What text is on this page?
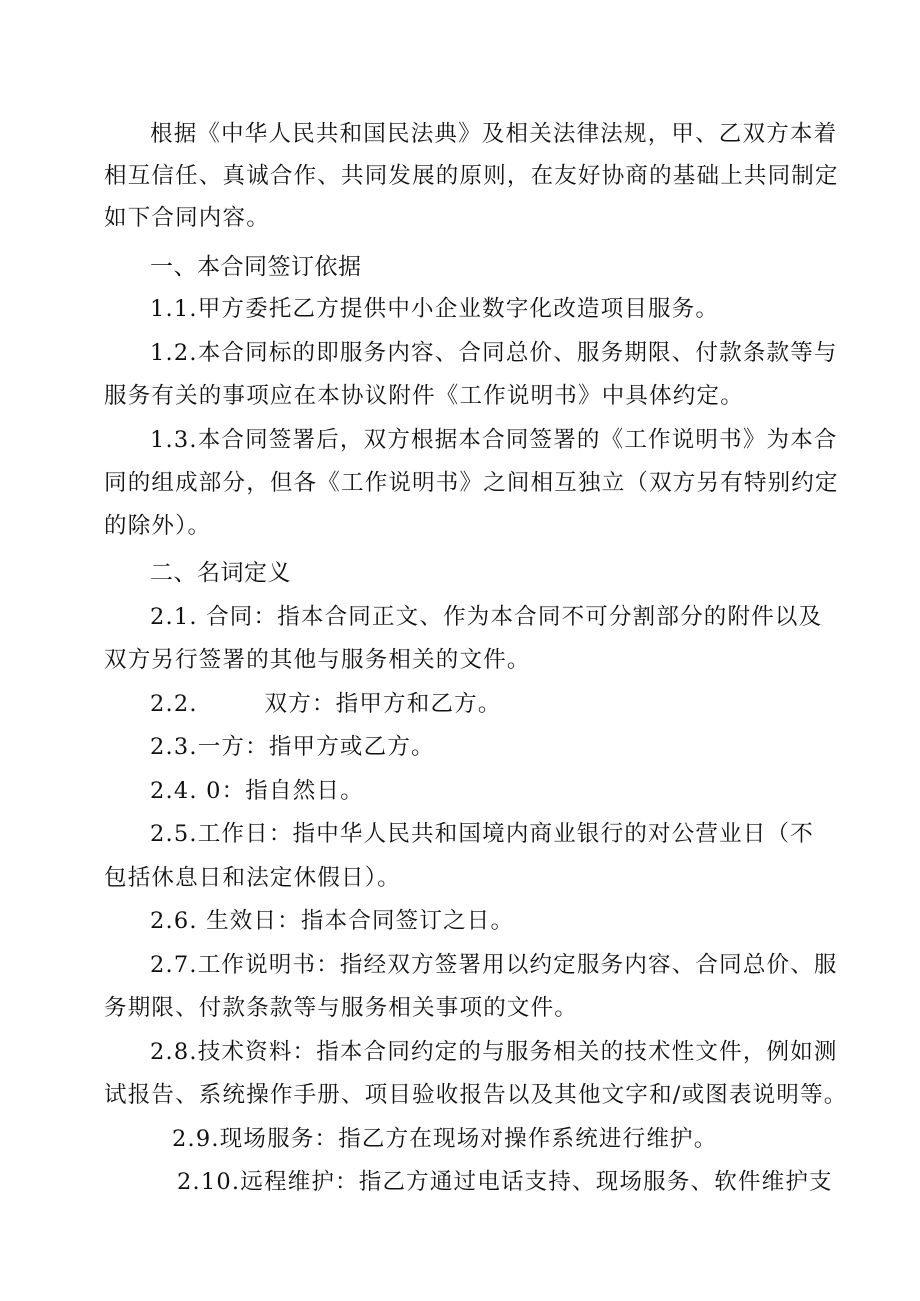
根据《中华人民共和国民法典》及相关法律法规，甲、乙双方本着
相互信任、真诚合作、共同发展的原则，在友好协商的基础上共同制定
如下合同内容。
一、本合同签订依据
1.1.甲方委托乙方提供中小企业数字化改造项目服务。
1.2.本合同标的即服务内容、合同总价、服务期限、付款条款等与
服务有关的事项应在本协议附件《工作说明书》中具体约定。
1.3.本合同签署后，双方根据本合同签署的《工作说明书》为本合
同的组成部分，但各《工作说明书》之间相互独立（双方另有特别约定
的除外）。
二、名词定义
2.1. 合同：指本合同正文、作为本合同不可分割部分的附件以及
双方另行签署的其他与服务相关的文件。
2.2.        双方：指甲方和乙方。
2.3.一方：指甲方或乙方。
2.4. 0：指自然日。
2.5.工作日：指中华人民共和国境内商业银行的对公营业日（不
包括休息日和法定休假日）。
2.6. 生效日：指本合同签订之日。
2.7.工作说明书：指经双方签署用以约定服务内容、合同总价、服
务期限、付款条款等与服务相关事项的文件。
2.8.技术资料：指本合同约定的与服务相关的技术性文件，例如测
试报告、系统操作手册、项目验收报告以及其他文字和/或图表说明等。
2.9.现场服务：指乙方在现场对操作系统进行维护。
2.10.远程维护：指乙方通过电话支持、现场服务、软件维护支
